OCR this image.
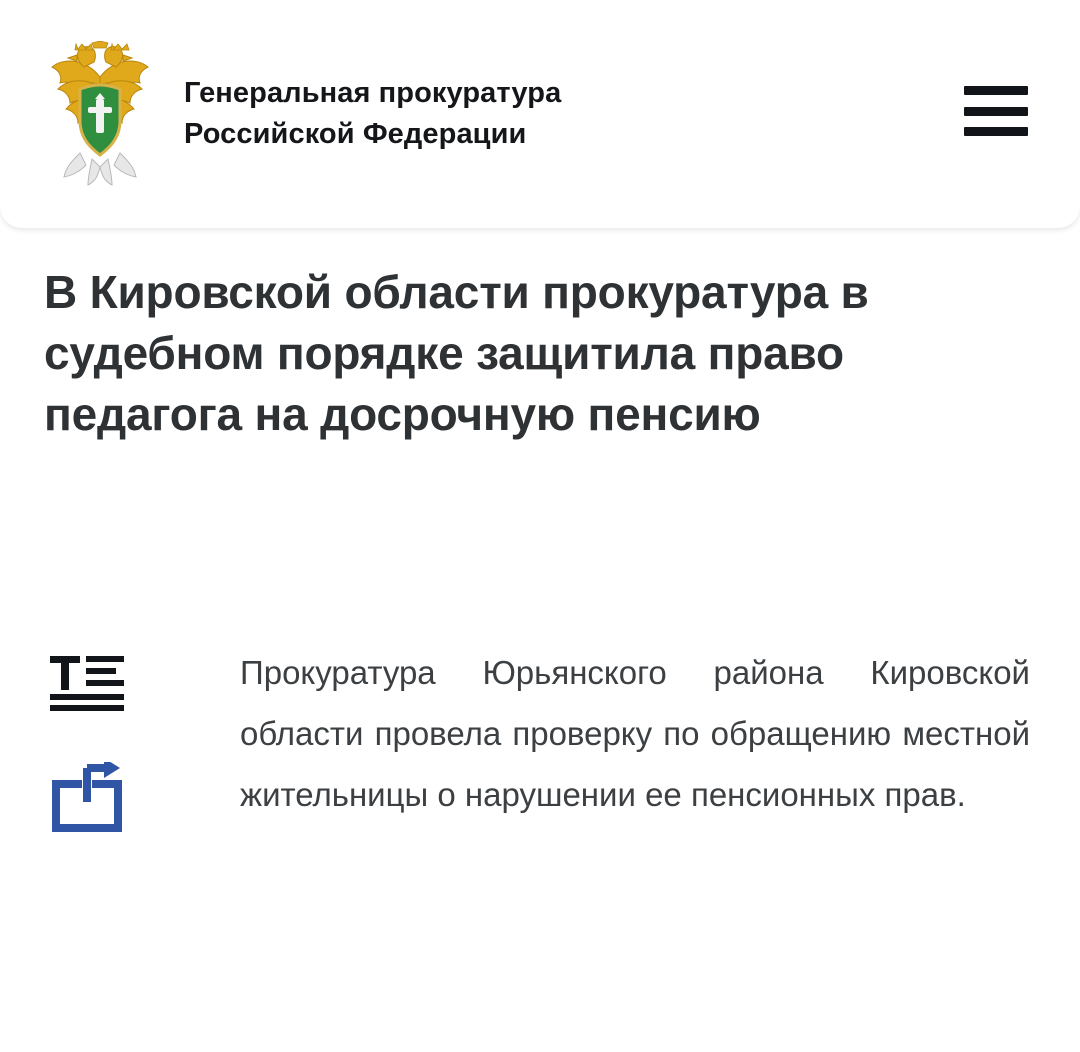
Генеральная прокуратура
Российской Федерации
В Кировской области прокуратура в судебном порядке защитила право педагога на досрочную пенсию

Прокуратура Юрьянского района Кировской области провела проверку по обращению местной жительницы о нарушении ее пенсионных прав.
